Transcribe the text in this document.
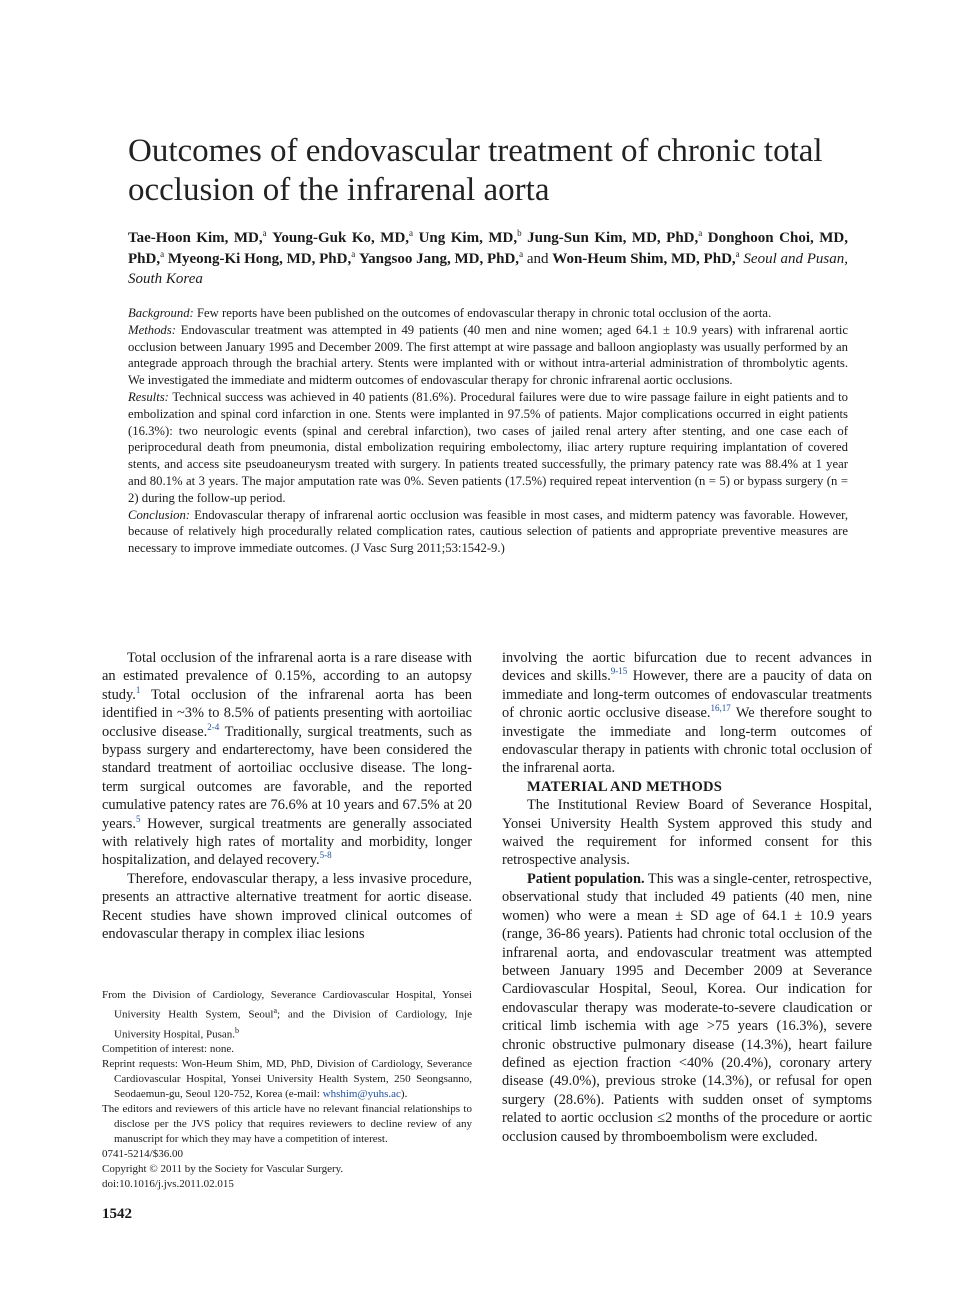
Outcomes of endovascular treatment of chronic total occlusion of the infrarenal aorta
Tae-Hoon Kim, MD,$^a$ Young-Guk Ko, MD,$^a$ Ung Kim, MD,$^b$ Jung-Sun Kim, MD, PhD,$^a$ Donghoon Choi, MD, PhD,$^a$ Myeong-Ki Hong, MD, PhD,$^a$ Yangsoo Jang, MD, PhD,$^a$ and Won-Heum Shim, MD, PhD,$^a$ Seoul and Pusan, South Korea

Background: Few reports have been published on the outcomes of endovascular therapy in chronic total occlusion of the aorta.

Methods: Endovascular treatment was attempted in 49 patients (40 men and nine women; aged 64.1 ± 10.9 years) with infrarenal aortic occlusion between January 1995 and December 2009. The first attempt at wire passage and balloon angioplasty was usually performed by an antegrade approach through the brachial artery. Stents were implanted with or without intra-arterial administration of thrombolytic agents. We investigated the immediate and midterm outcomes of endovascular therapy for chronic infrarenal aortic occlusions.

Results: Technical success was achieved in 40 patients (81.6%). Procedural failures were due to wire passage failure in eight patients and to embolization and spinal cord infarction in one. Stents were implanted in 97.5% of patients. Major complications occurred in eight patients (16.3%): two neurologic events (spinal and cerebral infarction), two cases of jailed renal artery after stenting, and one case each of periprocedural death from pneumonia, distal embolization requiring embolectomy, iliac artery rupture requiring implantation of covered stents, and access site pseudoaneurysm treated with surgery. In patients treated successfully, the primary patency rate was 88.4% at 1 year and 80.1% at 3 years. The major amputation rate was 0%. Seven patients (17.5%) required repeat intervention (n = 5) or bypass surgery (n = 2) during the follow-up period.

Conclusion: Endovascular therapy of infrarenal aortic occlusion was feasible in most cases, and midterm patency was favorable. However, because of relatively high procedurally related complication rates, cautious selection of patients and appropriate preventive measures are necessary to improve immediate outcomes. (J Vasc Surg 2011;53:1542-9.)

Total occlusion of the infrarenal aorta is a rare disease with an estimated prevalence of 0.15%, according to an autopsy study.$^1$ Total occlusion of the infrarenal aorta has been identified in ~3% to 8.5% of patients presenting with aortoiliac occlusive disease.$^{2-4}$ Traditionally, surgical treatments, such as bypass surgery and endarterectomy, have been considered the standard treatment of aortoiliac occlusive disease. The long-term surgical outcomes are favorable, and the reported cumulative patency rates are 76.6% at 10 years and 67.5% at 20 years.$^5$ However, surgical treatments are generally associated with relatively high rates of mortality and morbidity, longer hospitalization, and delayed recovery.$^{5-8}$

Therefore, endovascular therapy, a less invasive procedure, presents an attractive alternative treatment for aortic disease. Recent studies have shown improved clinical outcomes of endovascular therapy in complex iliac lesions

involving the aortic bifurcation due to recent advances in devices and skills.$^{9-15}$ However, there are a paucity of data on immediate and long-term outcomes of endovascular treatments of chronic aortic occlusive disease.$^{16,17}$ We therefore sought to investigate the immediate and long-term outcomes of endovascular therapy in patients with chronic total occlusion of the infrarenal aorta.

MATERIAL AND METHODS

The Institutional Review Board of Severance Hospital, Yonsei University Health System approved this study and waived the requirement for informed consent for this retrospective analysis.

Patient population. This was a single-center, retrospective, observational study that included 49 patients (40 men, nine women) who were a mean ± SD age of 64.1 ± 10.9 years (range, 36-86 years). Patients had chronic total occlusion of the infrarenal aorta, and endovascular treatment was attempted between January 1995 and December 2009 at Severance Cardiovascular Hospital, Seoul, Korea. Our indication for endovascular therapy was moderate-to-severe claudication or critical limb ischemia with age >75 years (16.3%), severe chronic obstructive pulmonary disease (14.3%), heart failure defined as ejection fraction <40% (20.4%), coronary artery disease (49.0%), previous stroke (14.3%), or refusal for open surgery (28.6%). Patients with sudden onset of symptoms related to aortic occlusion ≤2 months of the procedure or aortic occlusion caused by thromboembolism were excluded.

From the Division of Cardiology, Severance Cardiovascular Hospital, Yonsei University Health System, Seoul$^a$; and the Division of Cardiology, Inje University Hospital, Pusan.$^b$

Competition of interest: none.

Reprint requests: Won-Heum Shim, MD, PhD, Division of Cardiology, Severance Cardiovascular Hospital, Yonsei University Health System, 250 Seongsanno, Seodaemun-gu, Seoul 120-752, Korea (e-mail: whshim@yuhs.ac).

The editors and reviewers of this article have no relevant financial relationships to disclose per the JVS policy that requires reviewers to decline review of any manuscript for which they may have a competition of interest.

0741-5214/$36.00

Copyright © 2011 by the Society for Vascular Surgery.

doi:10.1016/j.jvs.2011.02.015

1542
